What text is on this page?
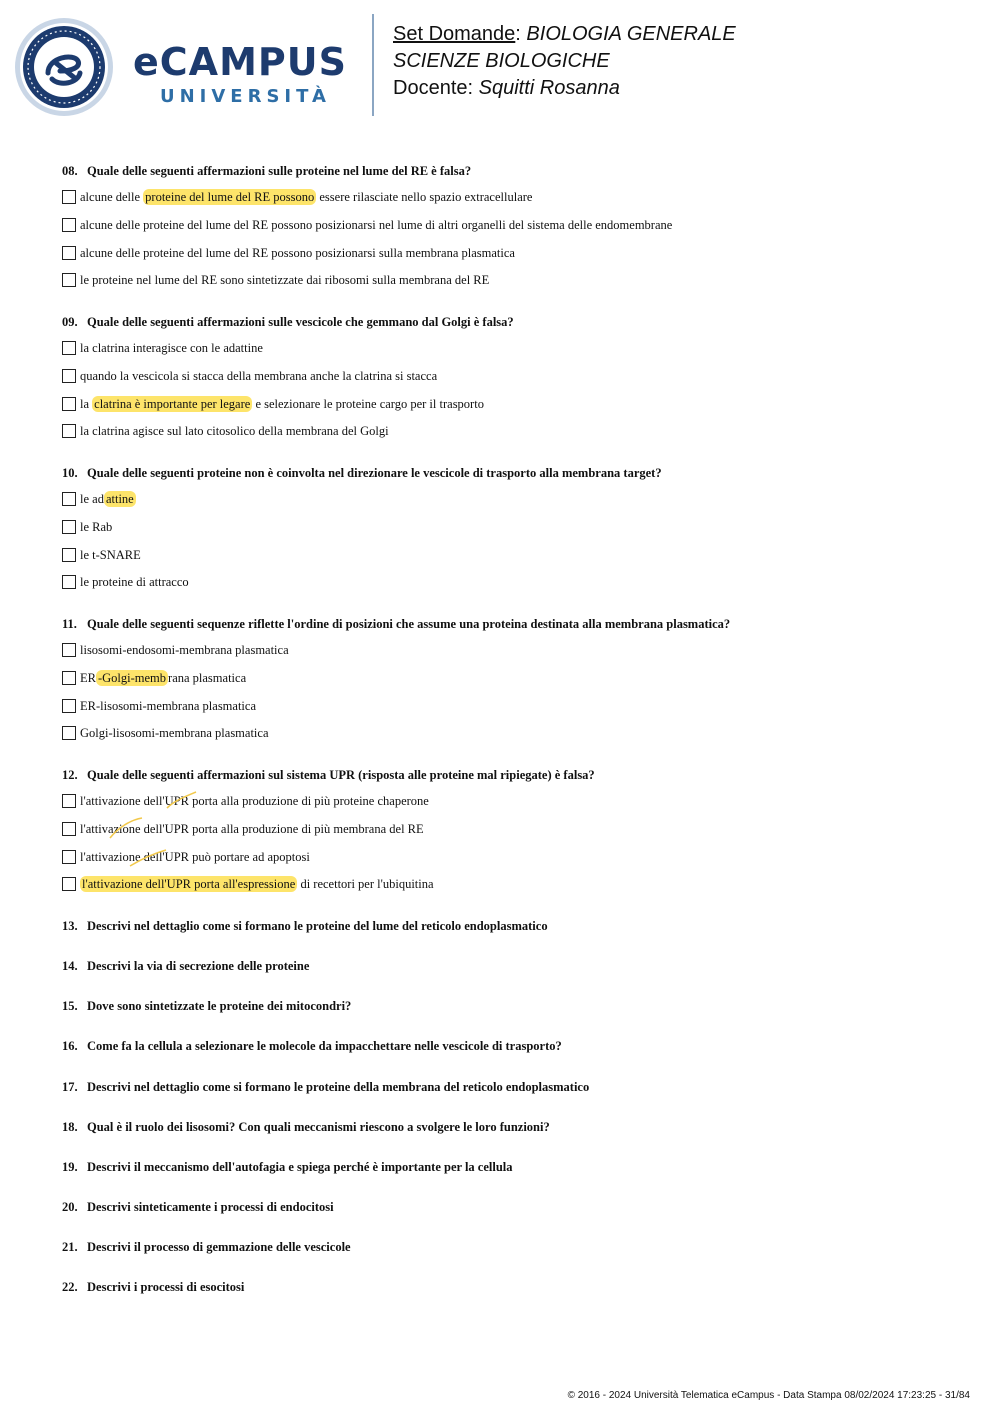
eCAMPUS
UNIVERSITÀ
Set Domande: BIOLOGIA GENERALE
SCIENZE BIOLOGICHE
Docente: Squitti Rosanna
08. Quale delle seguenti affermazioni sulle proteine nel lume del RE è falsa?
alcune delle proteine del lume del RE possono essere rilasciate nello spazio extracellulare
alcune delle proteine del lume del RE possono posizionarsi nel lume di altri organelli del sistema delle endomembrane
alcune delle proteine del lume del RE possono posizionarsi sulla membrana plasmatica
le proteine nel lume del RE sono sintetizzate dai ribosomi sulla membrana del RE
09. Quale delle seguenti affermazioni sulle vescicole che gemmano dal Golgi è falsa?
la clatrina interagisce con le adattine
quando la vescicola si stacca della membrana anche la clatrina si stacca
la clatrina è importante per legare e selezionare le proteine cargo per il trasporto
la clatrina agisce sul lato citosolico della membrana del Golgi
10. Quale delle seguenti proteine non è coinvolta nel direzionare le vescicole di trasporto alla membrana target?
le ad attine
le Rab
le t-SNARE
le proteine di attracco
11. Quale delle seguenti sequenze riflette l'ordine di posizioni che assume una proteina destinata alla membrana plasmatica?
lisosomi-endosomi-membrana plasmatica
ER -Golgi-memb rana plasmatica
ER-lisosomi-membrana plasmatica
Golgi-lisosomi-membrana plasmatica
12. Quale delle seguenti affermazioni sul sistema UPR (risposta alle proteine mal ripiegate) è falsa?
l'attivazione dell'UPR porta alla produzione di più proteine chaperone
l'attivazione dell'UPR porta alla produzione di più membrana del RE
l'attivazione dell'UPR può portare ad apoptosi
l'attivazione dell'UPR porta all'espressione di recettori per l'ubiquitina
13. Descrivi nel dettaglio come si formano le proteine del lume del reticolo endoplasmatico
14. Descrivi la via di secrezione delle proteine
15. Dove sono sintetizzate le proteine dei mitocondri?
16. Come fa la cellula a selezionare le molecole da impacchettare nelle vescicole di trasporto?
17. Descrivi nel dettaglio come si formano le proteine della membrana del reticolo endoplasmatico
18. Qual è il ruolo dei lisosomi? Con quali meccanismi riescono a svolgere le loro funzioni?
19. Descrivi il meccanismo dell'autofagia e spiega perché è importante per la cellula
20. Descrivi sinteticamente i processi di endocitosi
21. Descrivi il processo di gemmazione delle vescicole
22. Descrivi i processi di esocitosi
© 2016 - 2024 Università Telematica eCampus - Data Stampa 08/02/2024 17:23:25 - 31/84
